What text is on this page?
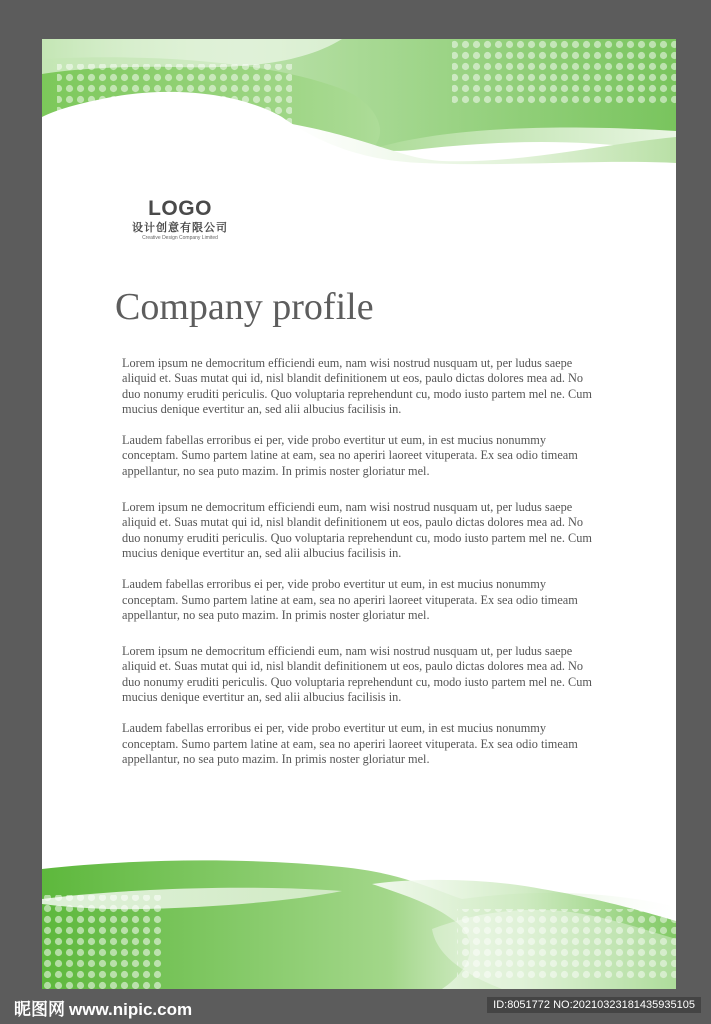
LOGO
设计创意有限公司
Creative Design Company Limited
Company profile

Lorem ipsum ne democritum efficiendi eum, nam wisi nostrud nusquam ut, per ludus saepe aliquid et. Suas mutat qui id, nisl blandit definitionem ut eos, paulo dictas dolores mea ad. No duo nonumy eruditi periculis. Quo voluptaria reprehendunt cu, modo iusto partem mel ne. Cum mucius denique evertitur an, sed alii albucius facilisis in.

Laudem fabellas erroribus ei per, vide probo evertitur ut eum, in est mucius nonummy conceptam. Sumo partem latine at eam, sea no aperiri laoreet vituperata. Ex sea odio timeam appellantur, no sea puto mazim. In primis noster gloriatur mel.

Lorem ipsum ne democritum efficiendi eum, nam wisi nostrud nusquam ut, per ludus saepe aliquid et. Suas mutat qui id, nisl blandit definitionem ut eos, paulo dictas dolores mea ad. No duo nonumy eruditi periculis. Quo voluptaria reprehendunt cu, modo iusto partem mel ne. Cum mucius denique evertitur an, sed alii albucius facilisis in.

Laudem fabellas erroribus ei per, vide probo evertitur ut eum, in est mucius nonummy conceptam. Sumo partem latine at eam, sea no aperiri laoreet vituperata. Ex sea odio timeam appellantur, no sea puto mazim. In primis noster gloriatur mel.

Lorem ipsum ne democritum efficiendi eum, nam wisi nostrud nusquam ut, per ludus saepe aliquid et. Suas mutat qui id, nisl blandit definitionem ut eos, paulo dictas dolores mea ad. No duo nonumy eruditi periculis. Quo voluptaria reprehendunt cu, modo iusto partem mel ne. Cum mucius denique evertitur an, sed alii albucius facilisis in.

Laudem fabellas erroribus ei per, vide probo evertitur ut eum, in est mucius nonummy conceptam. Sumo partem latine at eam, sea no aperiri laoreet vituperata. Ex sea odio timeam appellantur, no sea puto mazim. In primis noster gloriatur mel.

昵图网 www.nipic.com	ID:8051772 NO:20210323181435935105
